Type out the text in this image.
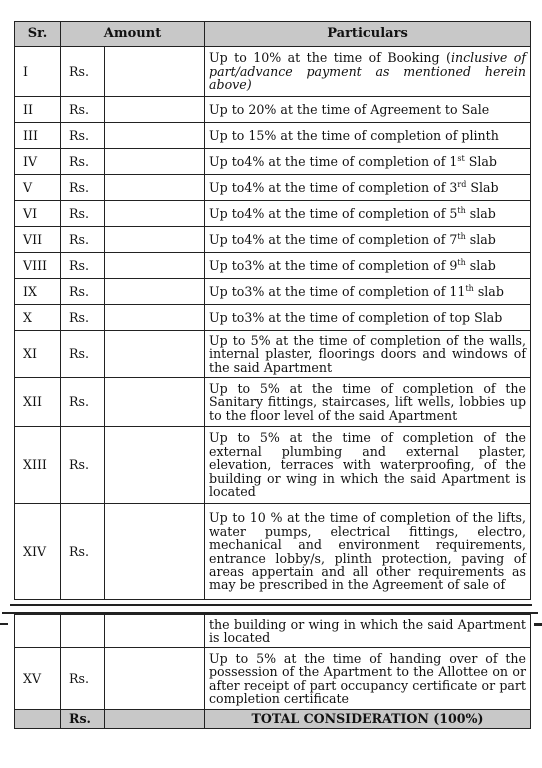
Sr.	Amount		Particulars
I	Rs.		Up to 10% at the time of Booking (inclusive of part/advance payment as mentioned herein above)
II	Rs.		Up to 20% at the time of Agreement to Sale
III	Rs.		Up to 15% at the time of completion of plinth
IV	Rs.		Up to4% at the time of completion of 1st Slab
V	Rs.		Up to4% at the time of completion of 3rd Slab
VI	Rs.		Up to4% at the time of completion of 5th slab
VII	Rs.		Up to4% at the time of completion of 7th slab
VIII	Rs.		Up to3% at the time of completion of 9th slab
IX	Rs.		Up to3% at the time of completion of 11th slab
X	Rs.		Up to3% at the time of completion of top Slab
XI	Rs.		Up to 5% at the time of completion of the walls, internal plaster, floorings doors and windows of the said Apartment
XII	Rs.		Up to 5% at the time of completion of the Sanitary fittings, staircases, lift wells, lobbies up to the floor level of the said Apartment
XIII	Rs.		Up to 5% at the time of completion of the external plumbing and external plaster, elevation, terraces with waterproofing, of the building or wing in which the said Apartment is located
XIV	Rs.		Up to 10 % at the time of completion of the lifts, water pumps, electrical fittings, electro, mechanical and environment requirements, entrance lobby/s, plinth protection, paving of areas appertain and all other requirements as may be prescribed in the Agreement of sale of
			the building or wing in which the said Apartment is located
XV	Rs.		Up to 5% at the time of handing over of the possession of the Apartment to the Allottee on or after receipt of part occupancy certificate or part completion certificate
	Rs.		TOTAL CONSIDERATION (100%)
